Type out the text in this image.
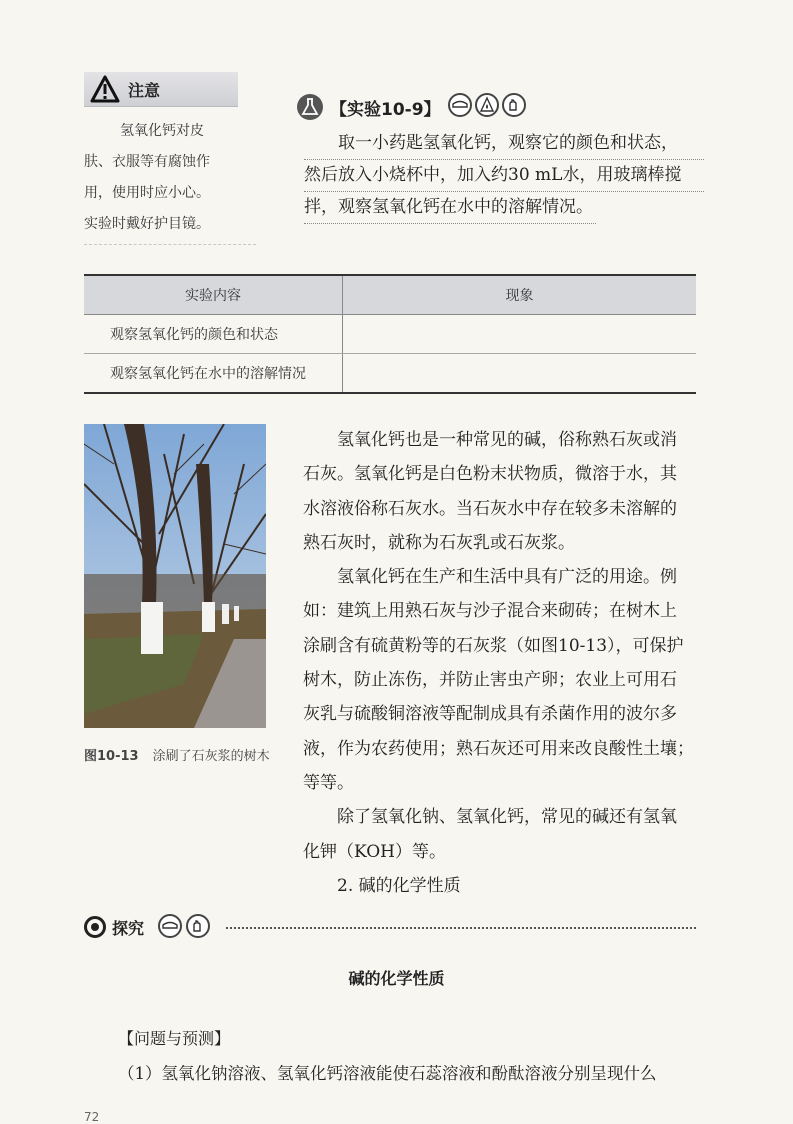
注意
氢氧化钙对皮
肤、衣服等有腐蚀作
用，使用时应小心。
实验时戴好护目镜。
【实验10-9】
取一小药匙氢氧化钙，观察它的颜色和状态，
然后放入小烧杯中，加入约30 mL水，用玻璃棒搅
拌，观察氢氧化钙在水中的溶解情况。
实验内容	现象
观察氢氧化钙的颜色和状态	
观察氢氧化钙在水中的溶解情况	
图10-13 涂刷了石灰浆的树木
氢氧化钙也是一种常见的碱，俗称熟石灰或消
石灰。氢氧化钙是白色粉末状物质，微溶于水，其
水溶液俗称石灰水。当石灰水中存在较多未溶解的
熟石灰时，就称为石灰乳或石灰浆。
氢氧化钙在生产和生活中具有广泛的用途。例
如：建筑上用熟石灰与沙子混合来砌砖；在树木上
涂刷含有硫黄粉等的石灰浆（如图10-13），可保护
树木，防止冻伤，并防止害虫产卵；农业上可用石
灰乳与硫酸铜溶液等配制成具有杀菌作用的波尔多
液，作为农药使用；熟石灰还可用来改良酸性土壤；
等等。
除了氢氧化钠、氢氧化钙，常见的碱还有氢氧
化钾（KOH）等。
2. 碱的化学性质
探究
碱的化学性质
【问题与预测】
（1）氢氧化钠溶液、氢氧化钙溶液能使石蕊溶液和酚酞溶液分别呈现什么
72
